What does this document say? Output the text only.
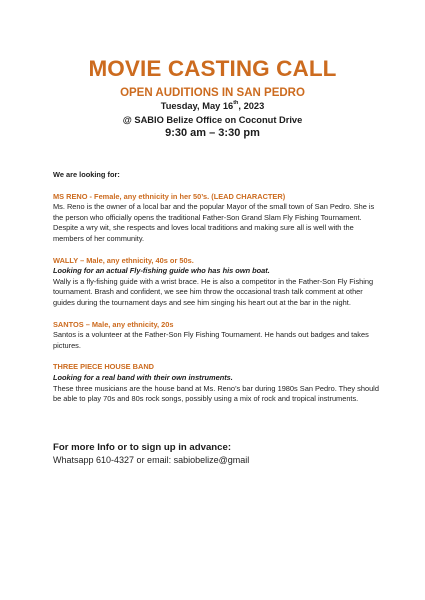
MOVIE CASTING CALL
OPEN AUDITIONS IN SAN PEDRO
Tuesday, May 16th, 2023
@ SABIO Belize Office on Coconut Drive
9:30 am – 3:30 pm
We are looking for:
MS RENO - Female, any ethnicity in her 50’s. (LEAD CHARACTER)
Ms. Reno is the owner of a local bar and the popular Mayor of the small town of San Pedro. She is the person who officially opens the traditional Father-Son Grand Slam Fly Fishing Tournament. Despite a wry wit, she respects and loves local traditions and making sure all is well with the members of her community.
WALLY – Male, any ethnicity, 40s or 50s.
Looking for an actual Fly-fishing guide who has his own boat.
Wally is a fly-fishing guide with a wrist brace. He is also a competitor in the Father-Son Fly Fishing tournament. Brash and confident, we see him throw the occasional trash talk comment at other guides during the tournament days and see him singing his heart out at the bar in the night.
SANTOS – Male, any ethnicity, 20s
Santos is a volunteer at the Father-Son Fly Fishing Tournament. He hands out badges and takes pictures.
THREE PIECE HOUSE BAND
Looking for a real band with their own instruments.
These three musicians are the house band at Ms. Reno’s bar during 1980s San Pedro. They should be able to play 70s and 80s rock songs, possibly using a mix of rock and tropical instruments.
For more Info or to sign up in advance:
Whatsapp 610-4327 or email: sabiobelize@gmail
